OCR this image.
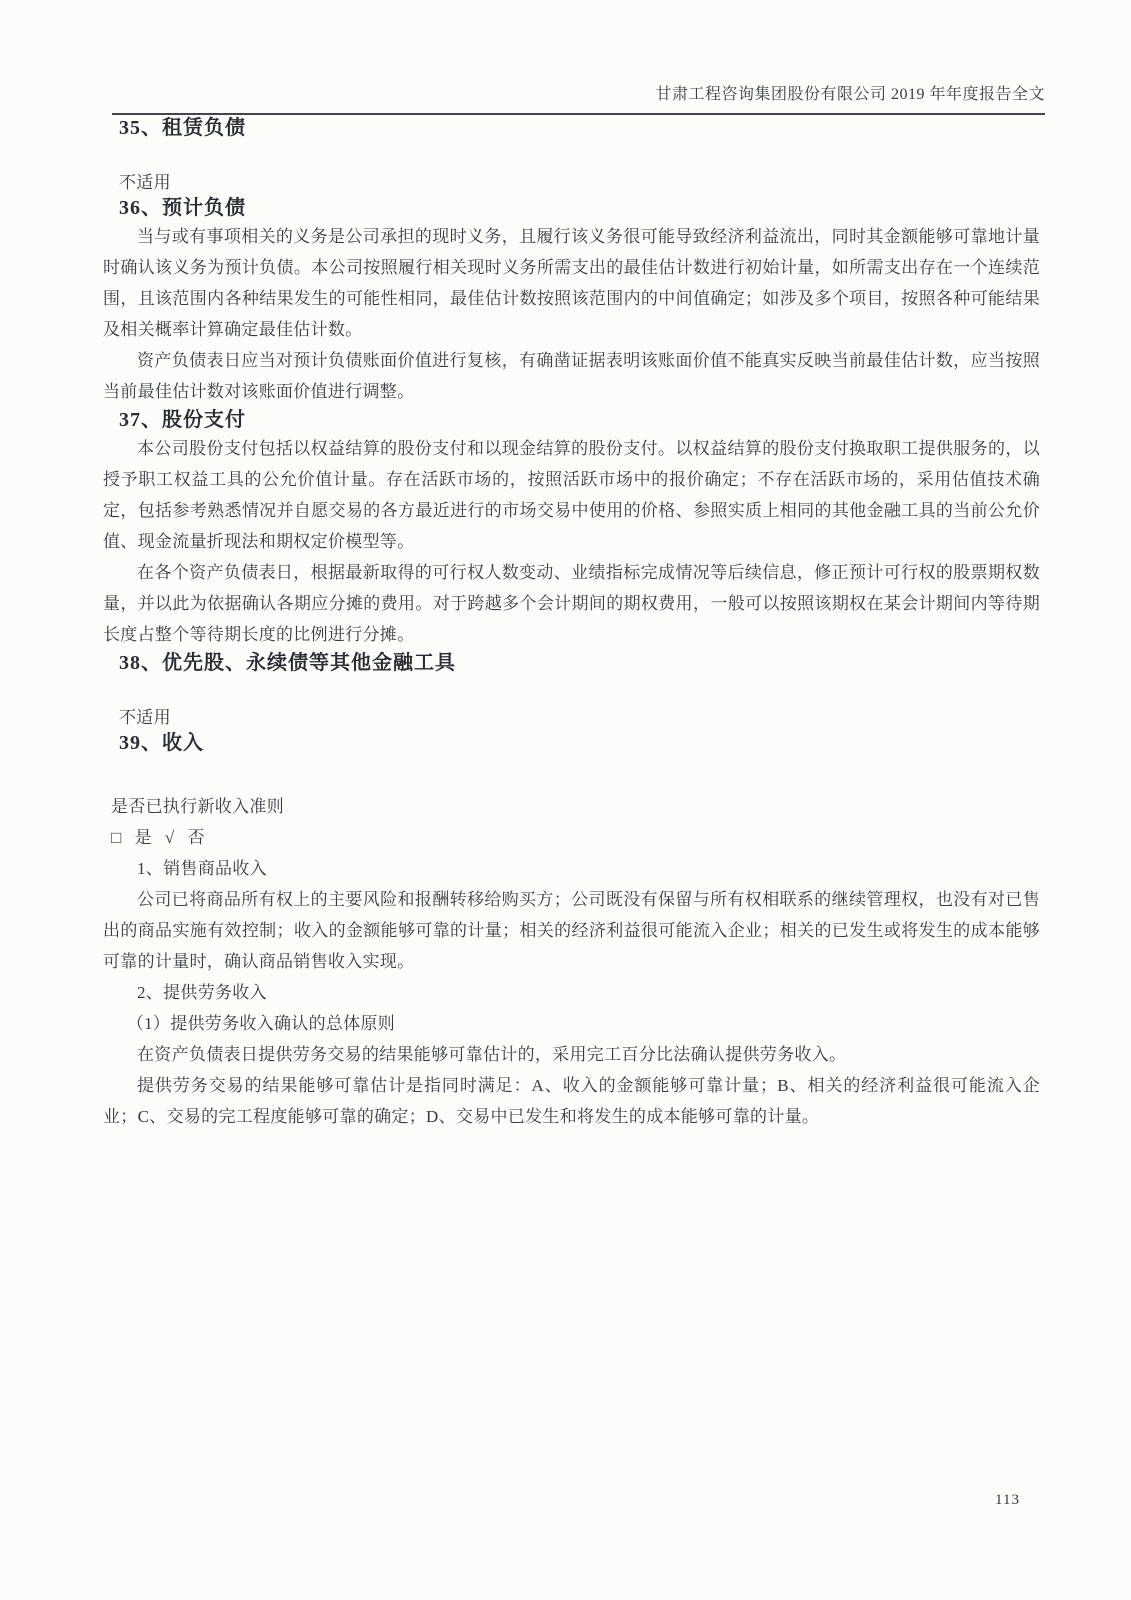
甘肃工程咨询集团股份有限公司 2019 年年度报告全文
35、租赁负债

不适用

36、预计负债

当与或有事项相关的义务是公司承担的现时义务，且履行该义务很可能导致经济利益流出，同时其金额能够可靠地计量时确认该义务为预计负债。本公司按照履行相关现时义务所需支出的最佳估计数进行初始计量，如所需支出存在一个连续范围，且该范围内各种结果发生的可能性相同，最佳估计数按照该范围内的中间值确定；如涉及多个项目，按照各种可能结果及相关概率计算确定最佳估计数。

资产负债表日应当对预计负债账面价值进行复核，有确凿证据表明该账面价值不能真实反映当前最佳估计数，应当按照当前最佳估计数对该账面价值进行调整。

37、股份支付

本公司股份支付包括以权益结算的股份支付和以现金结算的股份支付。以权益结算的股份支付换取职工提供服务的，以授予职工权益工具的公允价值计量。存在活跃市场的，按照活跃市场中的报价确定；不存在活跃市场的，采用估值技术确定，包括参考熟悉情况并自愿交易的各方最近进行的市场交易中使用的价格、参照实质上相同的其他金融工具的当前公允价值、现金流量折现法和期权定价模型等。

在各个资产负债表日，根据最新取得的可行权人数变动、业绩指标完成情况等后续信息，修正预计可行权的股票期权数量，并以此为依据确认各期应分摊的费用。对于跨越多个会计期间的期权费用，一般可以按照该期权在某会计期间内等待期长度占整个等待期长度的比例进行分摊。

38、优先股、永续债等其他金融工具

不适用

39、收入

是否已执行新收入准则

□ 是 √ 否

1、销售商品收入

公司已将商品所有权上的主要风险和报酬转移给购买方；公司既没有保留与所有权相联系的继续管理权，也没有对已售出的商品实施有效控制；收入的金额能够可靠的计量；相关的经济利益很可能流入企业；相关的已发生或将发生的成本能够可靠的计量时，确认商品销售收入实现。

2、提供劳务收入

（1）提供劳务收入确认的总体原则

在资产负债表日提供劳务交易的结果能够可靠估计的，采用完工百分比法确认提供劳务收入。

提供劳务交易的结果能够可靠估计是指同时满足：A、收入的金额能够可靠计量；B、相关的经济利益很可能流入企业；C、交易的完工程度能够可靠的确定；D、交易中已发生和将发生的成本能够可靠的计量。

113
